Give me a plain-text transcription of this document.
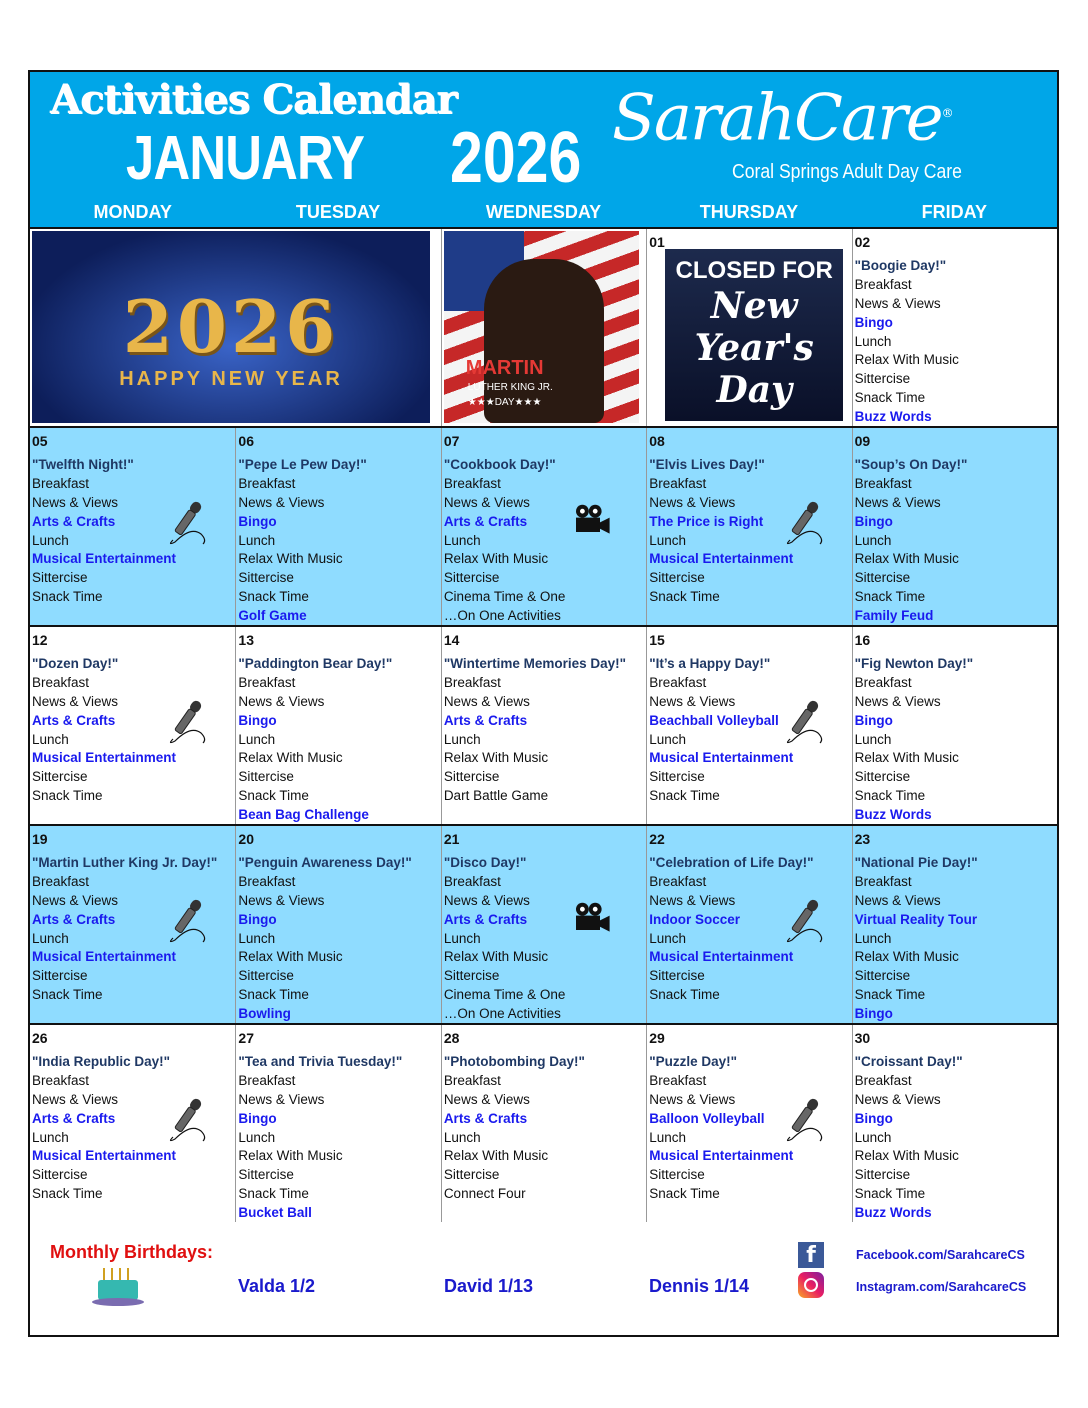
Activities Calendar
JANUARY 2026 SarahCare®
Coral Springs Adult Day Care
MONDAY	TUESDAY	WEDNESDAY	THURSDAY	FRIDAY
2026
HAPPY NEW YEAR	MARTIN
LUTHER KING JR.
★★★DAY★★★
01
CLOSED FOR
New
Year's
Day
02
"Boogie Day!"
Breakfast
News & Views
Bingo
Lunch
Relax With Music
Sittercise
Snack Time
Buzz Words
05
"Twelfth Night!"
Breakfast
News & Views
Arts & Crafts
Lunch
Musical Entertainment
Sittercise
Snack Time
06
"Pepe Le Pew Day!"
Breakfast
News & Views
Bingo
Lunch
Relax With Music
Sittercise
Snack Time
Golf Game
07
"Cookbook Day!"
Breakfast
News & Views
Arts & Crafts
Lunch
Relax With Music
Sittercise
Cinema Time & One
…On One Activities
08
"Elvis Lives Day!"
Breakfast
News & Views
The Price is Right
Lunch
Musical Entertainment
Sittercise
Snack Time
09
"Soup’s On Day!"
Breakfast
News & Views
Bingo
Lunch
Relax With Music
Sittercise
Snack Time
Family Feud
12
"Dozen Day!"
Breakfast
News & Views
Arts & Crafts
Lunch
Musical Entertainment
Sittercise
Snack Time
13
"Paddington Bear Day!"
Breakfast
News & Views
Bingo
Lunch
Relax With Music
Sittercise
Snack Time
Bean Bag Challenge
14
"Wintertime Memories Day!"
Breakfast
News & Views
Arts & Crafts
Lunch
Relax With Music
Sittercise
Dart Battle Game
15
"It’s a Happy Day!"
Breakfast
News & Views
Beachball Volleyball
Lunch
Musical Entertainment
Sittercise
Snack Time
16
"Fig Newton Day!"
Breakfast
News & Views
Bingo
Lunch
Relax With Music
Sittercise
Snack Time
Buzz Words
19
"Martin Luther King Jr. Day!"
Breakfast
News & Views
Arts & Crafts
Lunch
Musical Entertainment
Sittercise
Snack Time
20
"Penguin Awareness Day!"
Breakfast
News & Views
Bingo
Lunch
Relax With Music
Sittercise
Snack Time
Bowling
21
"Disco Day!"
Breakfast
News & Views
Arts & Crafts
Lunch
Relax With Music
Sittercise
Cinema Time & One
…On One Activities
22
"Celebration of Life Day!"
Breakfast
News & Views
Indoor Soccer
Lunch
Musical Entertainment
Sittercise
Snack Time
23
"National Pie Day!"
Breakfast
News & Views
Virtual Reality Tour
Lunch
Relax With Music
Sittercise
Snack Time
Bingo
26
"India Republic Day!"
Breakfast
News & Views
Arts & Crafts
Lunch
Musical Entertainment
Sittercise
Snack Time
27
"Tea and Trivia Tuesday!"
Breakfast
News & Views
Bingo
Lunch
Relax With Music
Sittercise
Snack Time
Bucket Ball
28
"Photobombing Day!"
Breakfast
News & Views
Arts & Crafts
Lunch
Relax With Music
Sittercise
Connect Four
29
"Puzzle Day!"
Breakfast
News & Views
Balloon Volleyball
Lunch
Musical Entertainment
Sittercise
Snack Time
30
"Croissant Day!"
Breakfast
News & Views
Bingo
Lunch
Relax With Music
Sittercise
Snack Time
Buzz Words
Monthly Birthdays:
Valda 1/2	David 1/13	Dennis 1/14
f	Facebook.com/SarahcareCS
Instagram.com/SarahcareCS
